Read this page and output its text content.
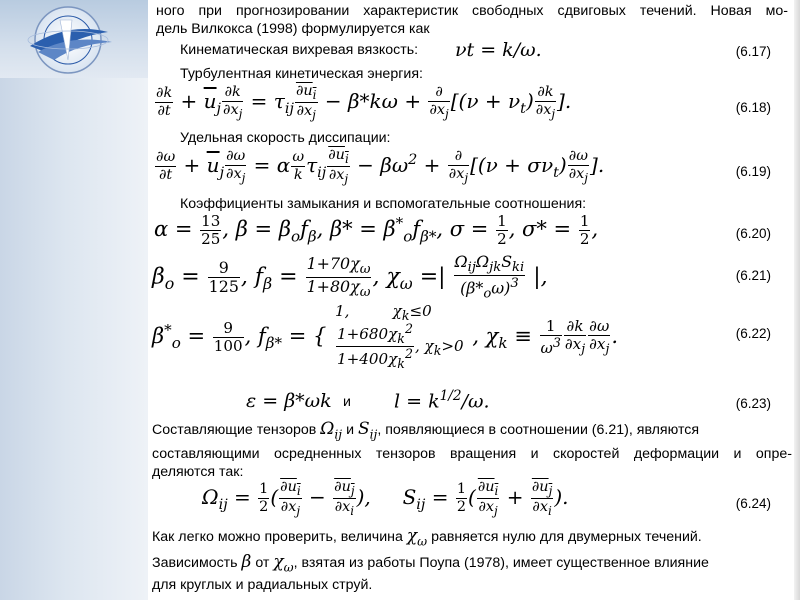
ного при прогнозировании характеристик свободных сдвиговых течений. Новая мо-
дель Вилкокса (1998) формулируется как
Кинематическая вихревая вязкость: νt = k/ω.	(6.17)
Турбулентная кинетическая энергия:
$\frac{\partial k}{\partial t} + \overline{u}_j \frac{\partial k}{\partial x_j} = \tau_{ij} \frac{\partial u_i}{\partial x_j} - \beta*k\omega + \frac{\partial}{\partial x_j} [(\nu + \nu_t) \frac{\partial k}{\partial x_j}$ ].	(6.18)
Удельная скорость диссипации:
$\frac{\partial\omega}{\partial t} + \overline{u}_j \frac{\partial\omega}{\partial x_j} = \alpha \frac{\omega}{k} \tau_{ij} \frac{\partial u_i}{\partial x_j} - \beta\omega^2 + \frac{\partial}{\partial x_j} [(\nu + \sigma\nu_t) \frac{\partial\omega}{\partial x_j}$ ].	(6.19)
Коэффициенты замыкания и вспомогательные соотношения:
$\alpha = \frac{13}{25}$ , $\beta = \beta_of_\beta$, $\beta* = \beta^*_of_{\beta*}$, $\sigma = \frac{1}{2}$ , $\sigma* = \frac{1}{2}$ ,	(6.20)
$\beta_o = \frac{9}{125}$ , $f_\beta = \frac{1+70\chi_\omega}{1+80\chi_\omega}$ , $\chi_\omega$ =| $\frac{\Omega_{ij}\Omega_{jk}S_{ki}}{(\beta*_o\omega)^3}$ |,	(6.21)
$\beta^*_o = \frac{9}{100}$ , $f_{\beta*}$ = {
1,         $\chi_k\le 0$
$\frac{1+680\chi_k^2}{1+400\chi_k^2}$ , $\chi_k>0$ , $\chi_k \equiv \frac{1}{\omega^3} \frac{\partial k}{\partial x_j} \frac{\partial\omega}{\partial x_j}$ .	(6.22)
ε = β*ωk и $l = k^{1/2}/\omega$.	(6.23)
Составляющие тензоров $\Omega_{ij}$ и $S_{ij}$, появляющиеся в соотношении (6.21), являются
составляющими осредненных тензоров вращения и скоростей деформации и опре-
деляются так:
$\Omega_{ij} = \frac{1}{2}$ ( $\frac{\partial u_i}{\partial x_j} - \frac{\partial u_j}{\partial x_i}$ ),     $S_{ij} = \frac{1}{2}$ ( $\frac{\partial u_i}{\partial x_j} + \frac{\partial u_j}{\partial x_i}$ ).	(6.24)
Как легко можно проверить, величина $\chi_\omega$ равняется нулю для двумерных течений.
Зависимость β от $\chi_\omega$, взятая из работы Поупа (1978), имеет существенное влияние
для круглых и радиальных струй.
